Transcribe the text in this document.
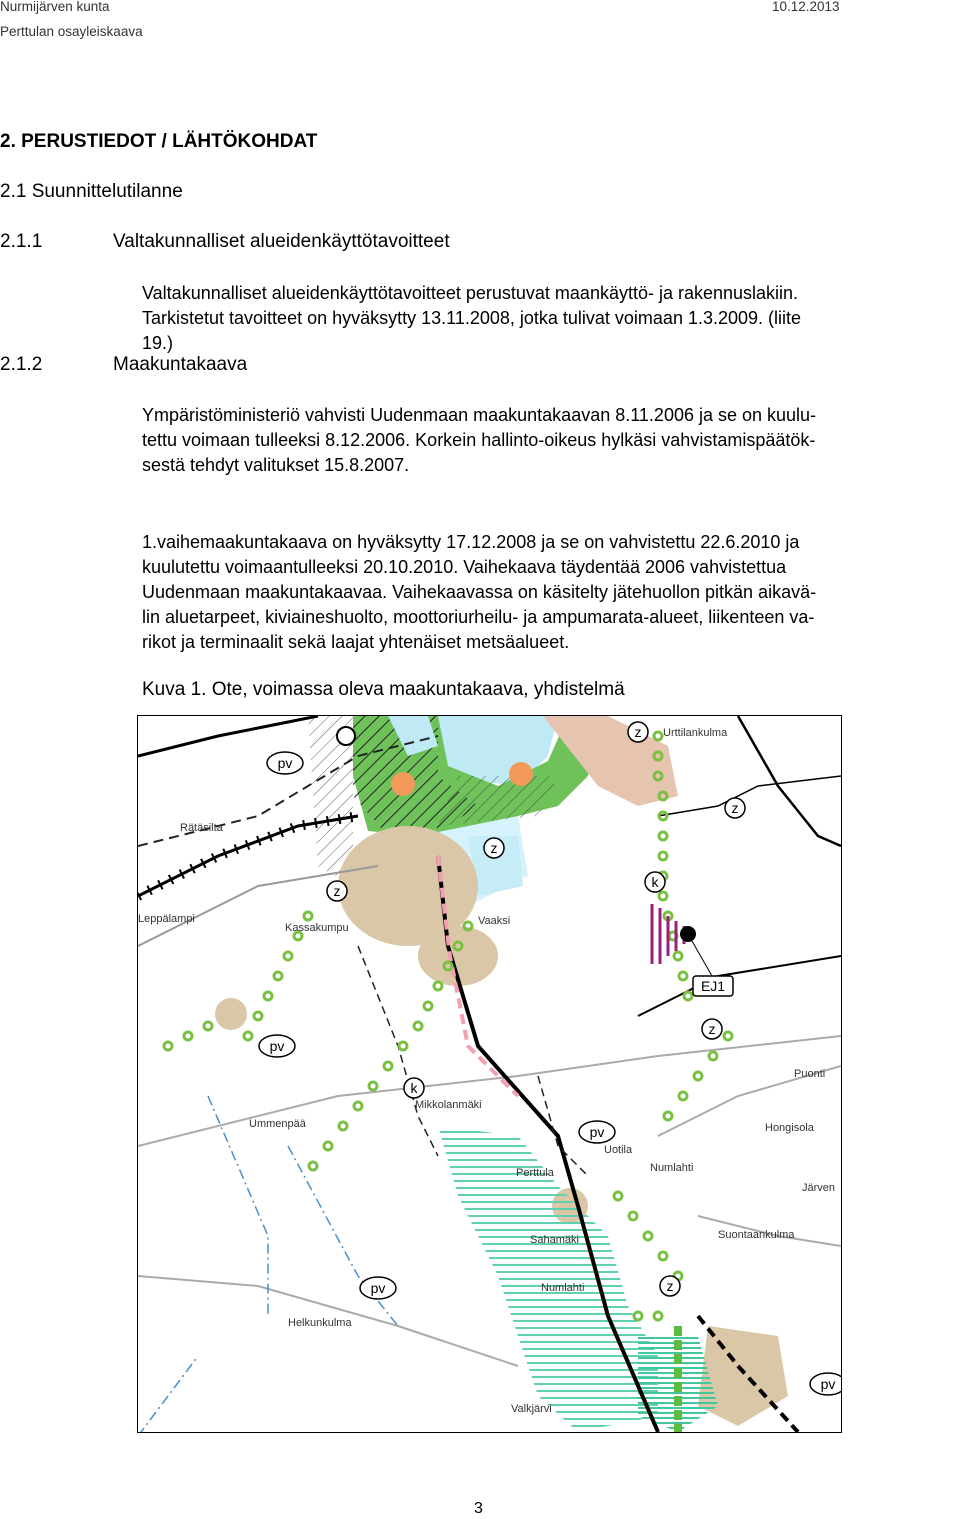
Nurmijärven kunta
Perttulan osayleiskaava
10.12.2013
2. PERUSTIEDOT / LÄHTÖKOHDAT
2.1 Suunnittelutilanne
2.1.1	Valtakunnalliset alueidenkäyttötavoitteet
Valtakunnalliset alueidenkäyttötavoitteet perustuvat maankäyttö- ja rakennuslakiin.
Tarkistetut tavoitteet on hyväksytty 13.11.2008, jotka tulivat voimaan 1.3.2009. (liite
19.)
2.1.2	Maakuntakaava
Ympäristöministeriö vahvisti Uudenmaan maakuntakaavan 8.11.2006 ja se on kuulu-
tettu voimaan tulleeksi 8.12.2006. Korkein hallinto-oikeus hylkäsi vahvistamispäätök-
sestä tehdyt valitukset 15.8.2007.
1.vaihemaakuntakaava on hyväksytty 17.12.2008 ja se on vahvistettu 22.6.2010 ja
kuulutettu voimaantulleeksi 20.10.2010. Vaihekaava täydentää 2006 vahvistettua
Uudenmaan maakuntakaavaa. Vaihekaavassa on käsitelty jätehuollon pitkän aikavä-
lin aluetarpeet, kiviaineshuolto, moottoriurheilu- ja ampumarata-alueet, liikenteen va-
rikot ja terminaalit sekä laajat yhtenäiset metsäalueet.
Kuva 1. Ote, voimassa oleva maakuntakaava, yhdistelmä
pv
pv
pv
pv
pv
z
z
z
z
z
z
k
k
EJ1
Urttilankulma
Rätäsilta
Leppälampi
Kassakumpu
Vaaksi
Mikkolanmäki
Ummenpää
Uotila
Perttula	Numlahti
Hongisola
Järven
Puonti
Suontaankulma
Sahamäki
Numlahti
Helkunkulma
Valkjärvi
3
